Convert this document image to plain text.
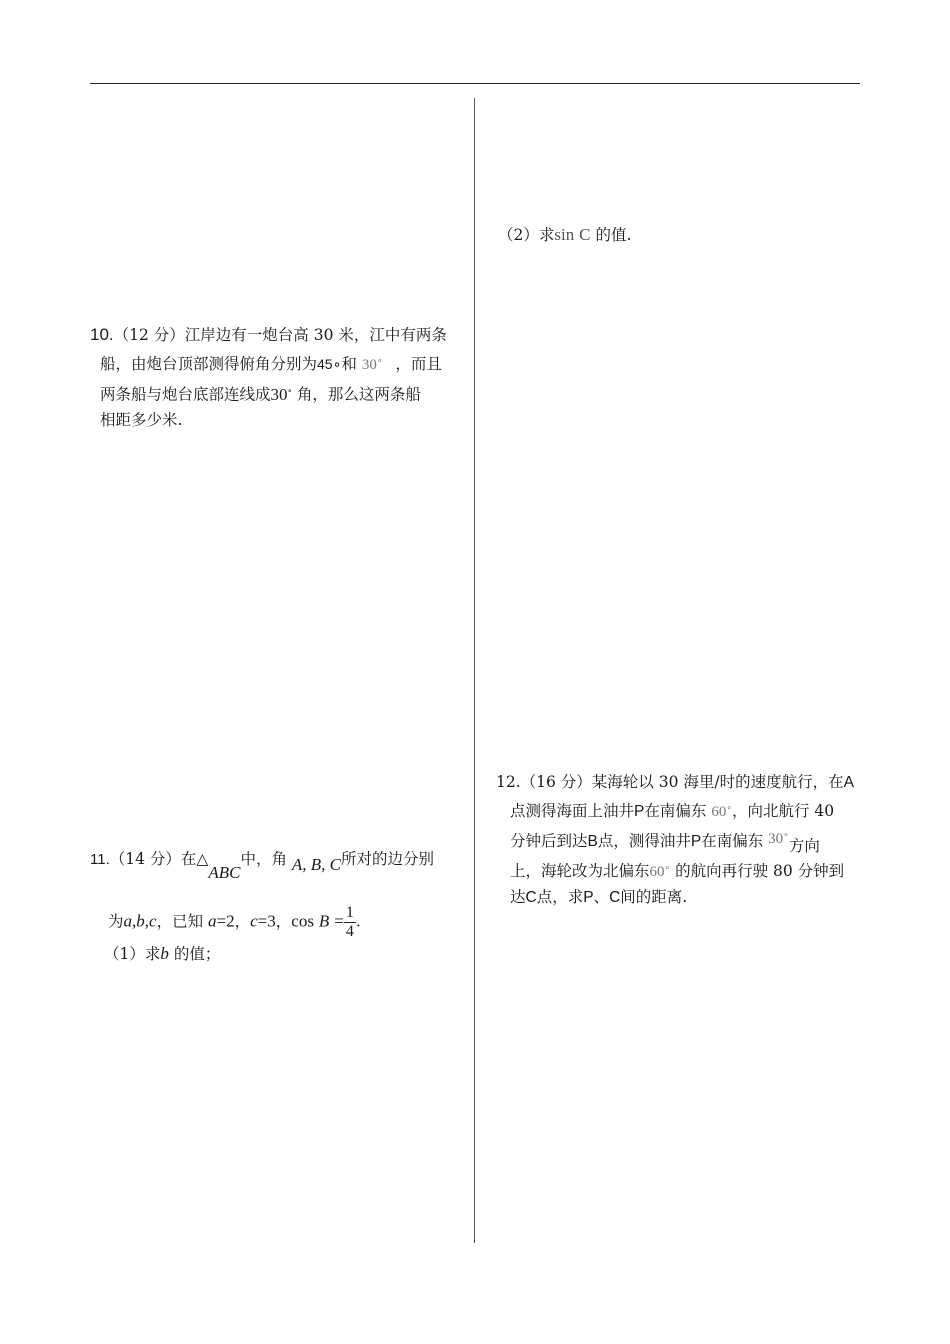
10.（12 分）江岸边有一炮台高 30 米，江中有两条
船，由炮台顶部测得俯角分别为45∘和 30∘ ，而且
两条船与炮台底部连线成30∘ 角，那么这两条船
相距多少米.
11.（14 分）在△ABC中，角 A, B, C所对的边分别
为a,b,c，已知 a=2，c=3，$\cos B = \frac{1}{4}$ .
（1）求b 的值；
（2）求sin C 的值.
12.（16 分）某海轮以 30 海里/时的速度航行，在A
点测得海面上油井P在南偏东 60∘，向北航行 40
分钟后到达B点，测得油井P在南偏东 30∘方向
上，海轮改为北偏东60∘ 的航向再行驶 80 分钟到
达C点，求P、C间的距离.
